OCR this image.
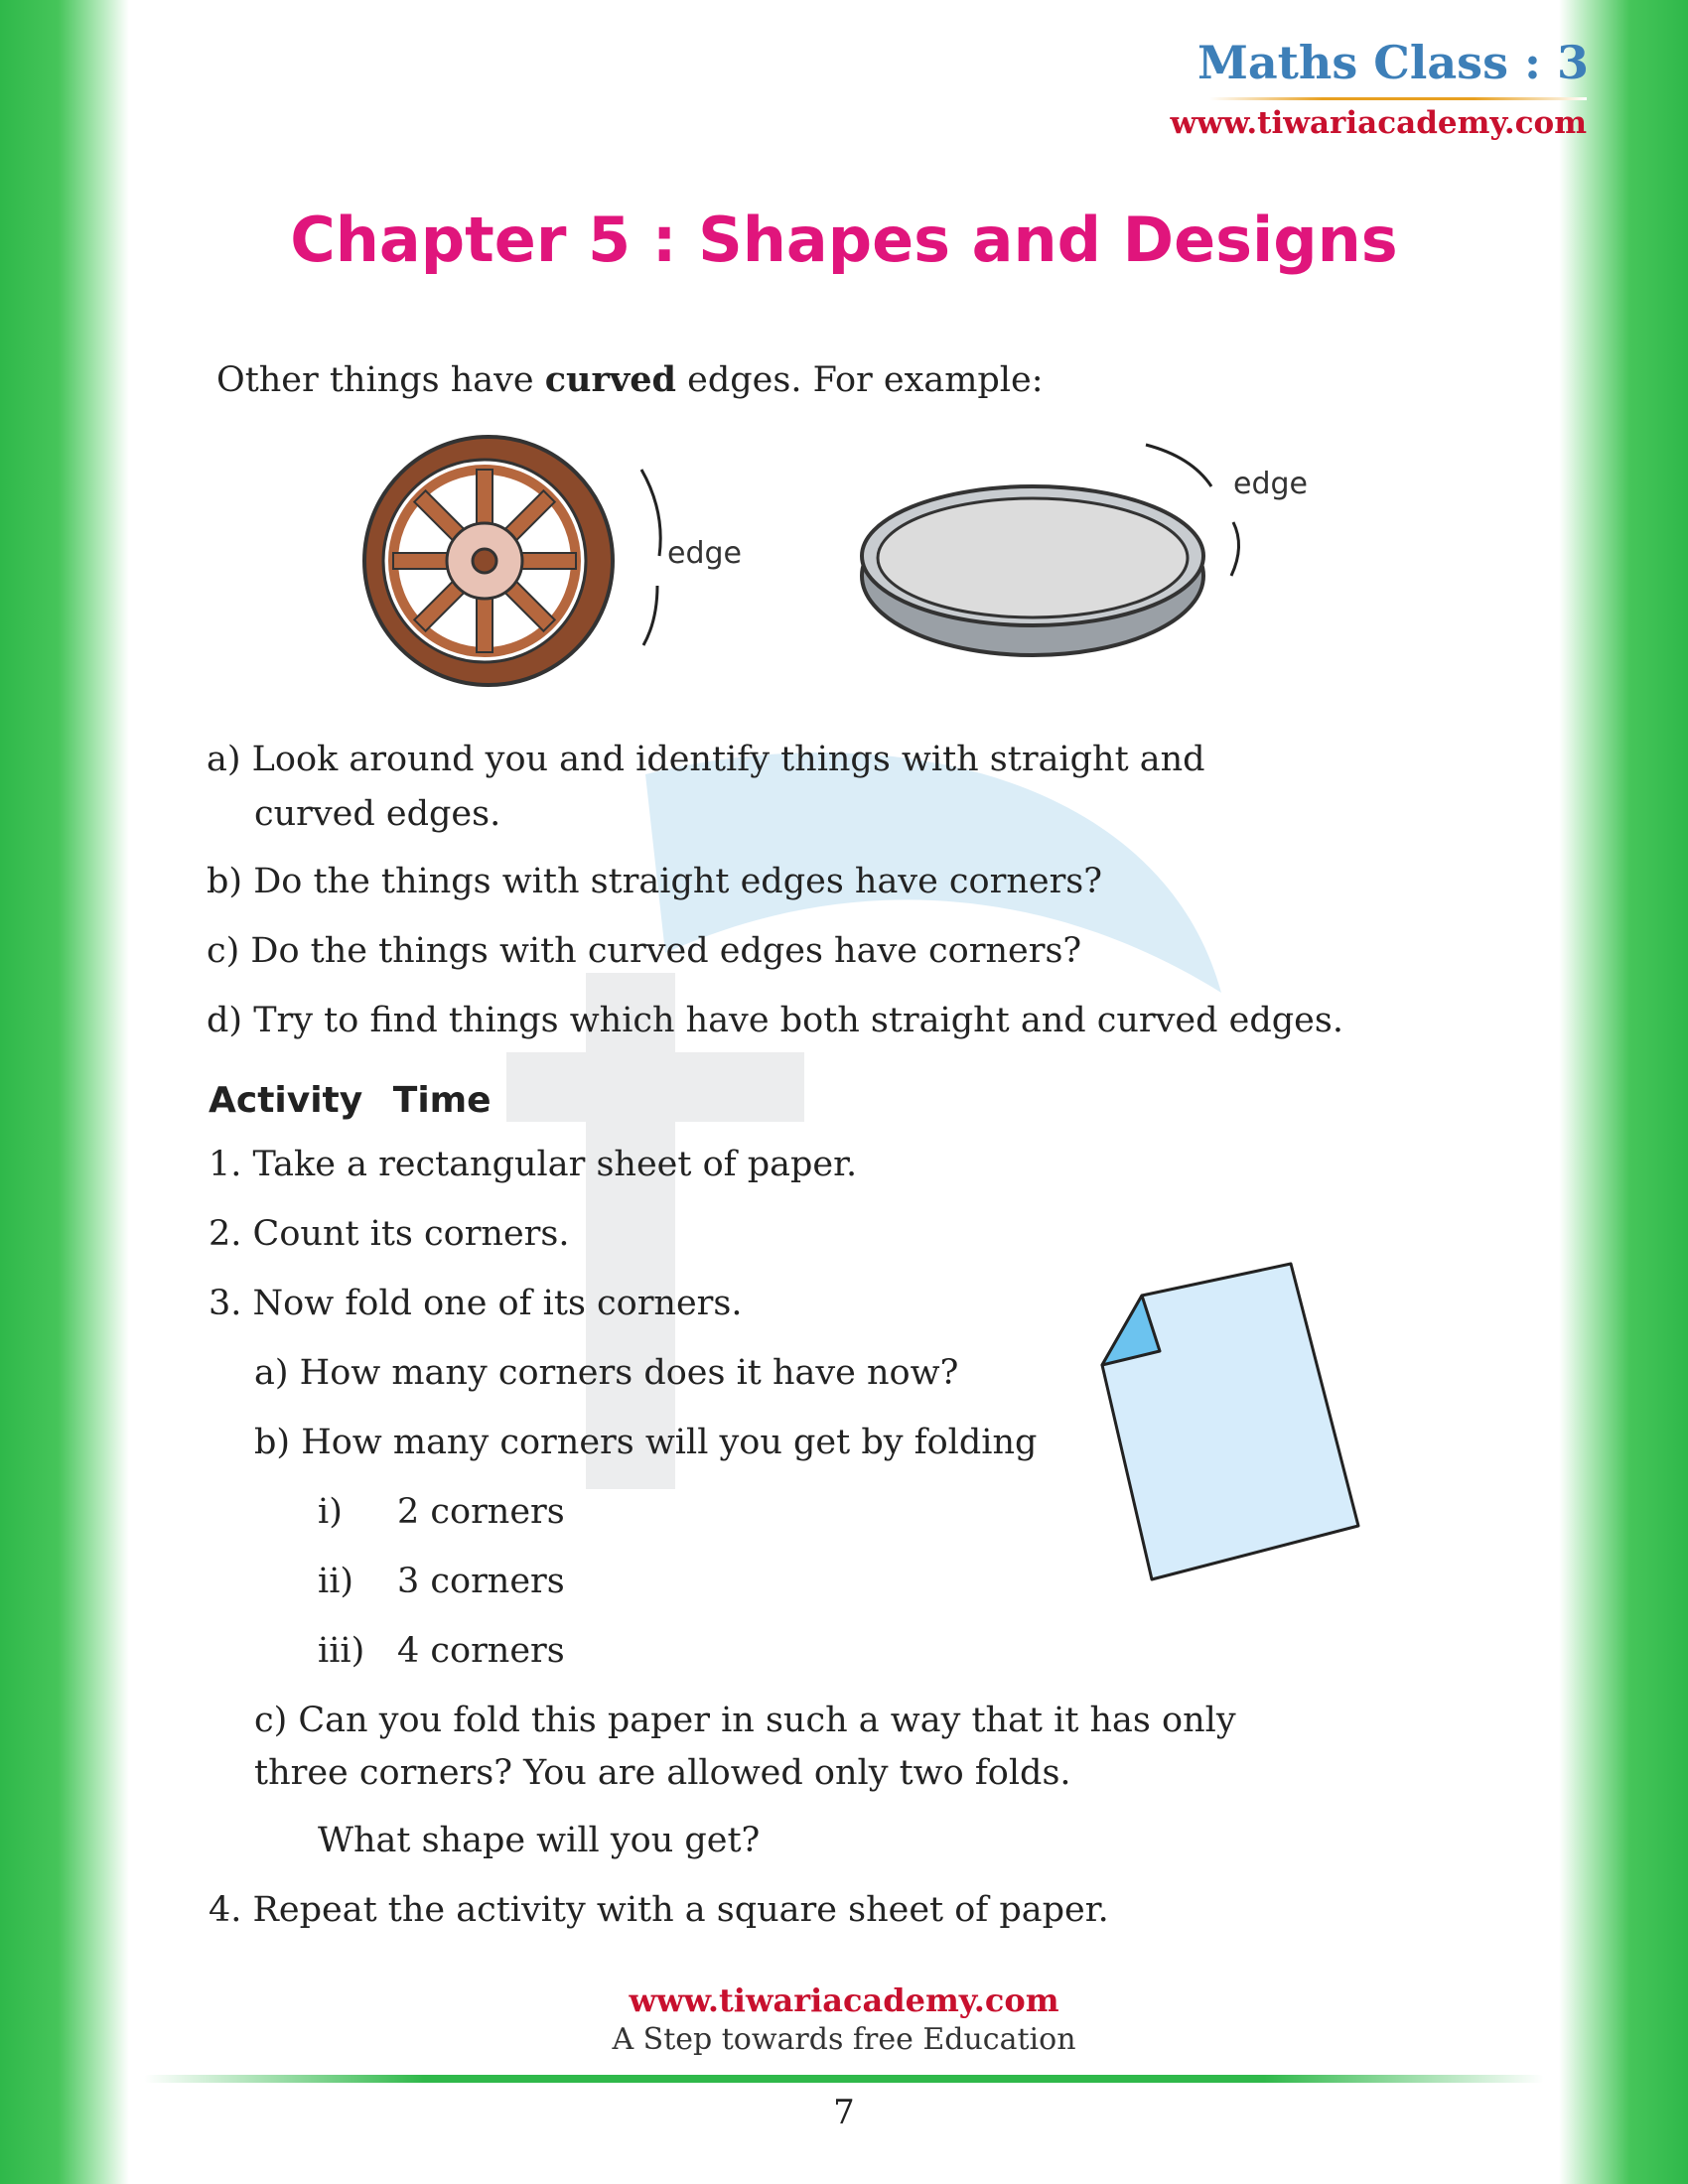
Maths Class : 3
www.tiwariacademy.com
Chapter 5 : Shapes and Designs
Other things have curved edges. For example:
edge
edge
a) Look around you and identify things with straight and
curved edges.
b) Do the things with straight edges have corners?
c) Do the things with curved edges have corners?
d) Try to find things which have both straight and curved edges.
Activity Time
1. Take a rectangular sheet of paper.
2. Count its corners.
3. Now fold one of its corners.
a) How many corners does it have now?
b) How many corners will you get by folding
i) 2 corners
ii) 3 corners
iii) 4 corners
c) Can you fold this paper in such a way that it has only
three corners? You are allowed only two folds.
What shape will you get?
4. Repeat the activity with a square sheet of paper.
www.tiwariacademy.com
A Step towards free Education
7
